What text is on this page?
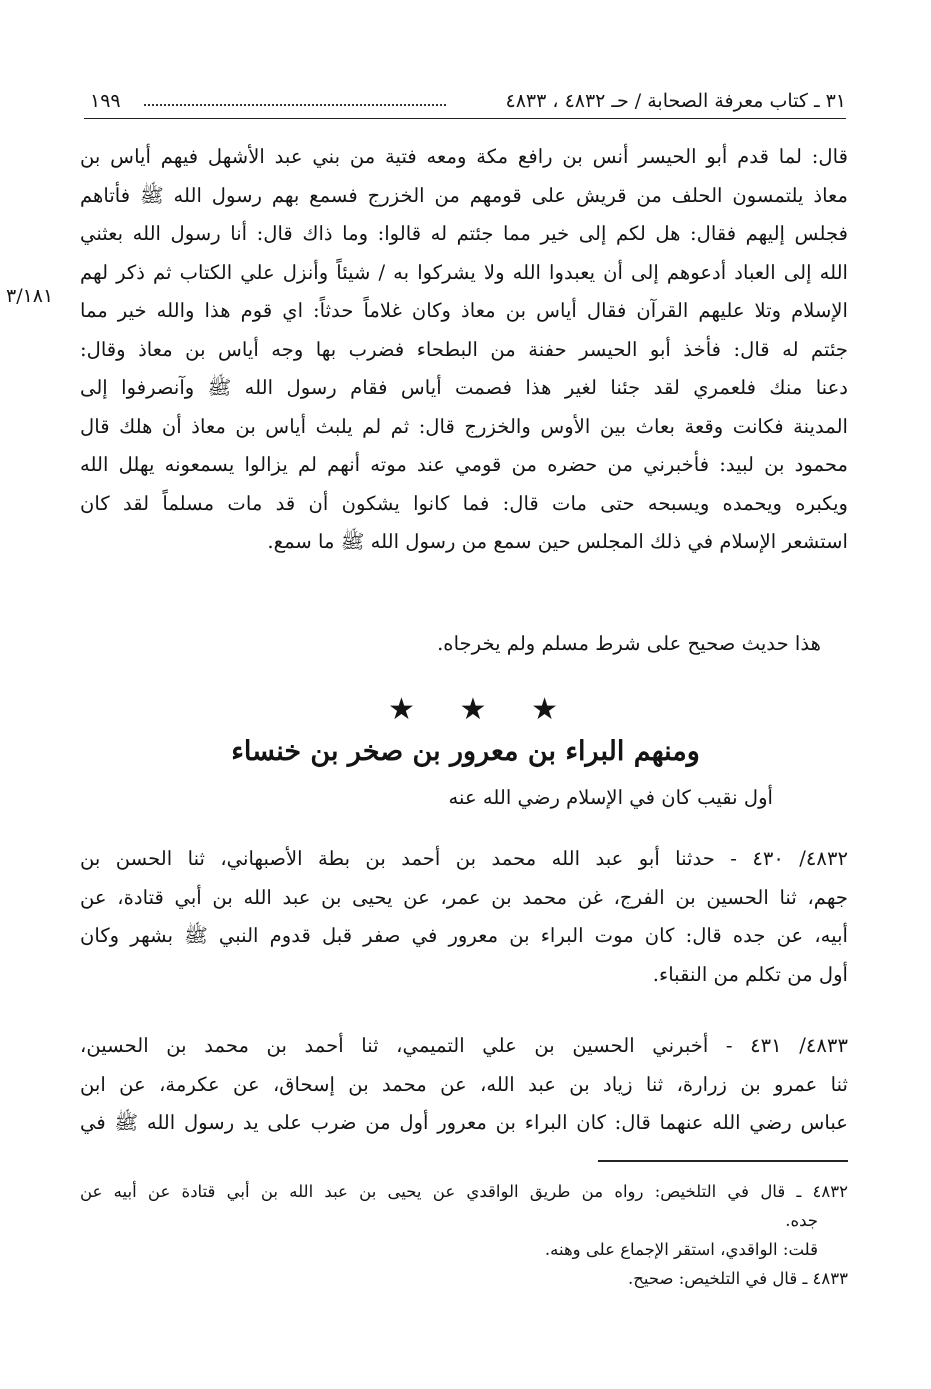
٣١ ـ كتاب معرفة الصحابة / حـ ٤٨٣٢ ، ٤٨٣٣
١٩٩
٣/١٨١
قال: لما قدم أبو الحيسر أنس بن رافع مكة ومعه فتية من بني عبد الأشهل فيهم أياس بن
معاذ يلتمسون الحلف من قريش على قومهم من الخزرج فسمع بهم رسول الله ﷺ فأتاهم
فجلس إليهم فقال: هل لكم إلى خير مما جئتم له قالوا: وما ذاك قال: أنا رسول الله بعثني
الله إلى العباد أدعوهم إلى أن يعبدوا الله ولا يشركوا به / شيئاً وأنزل علي الكتاب ثم ذكر لهم
الإسلام وتلا عليهم القرآن فقال أياس بن معاذ وكان غلاماً حدثاً: اي قوم هذا والله خير مما
جئتم له قال: فأخذ أبو الحيسر حفنة من البطحاء فضرب بها وجه أياس بن معاذ وقال:
دعنا منك فلعمري لقد جئنا لغير هذا فصمت أياس فقام رسول الله ﷺ وآنصرفوا إلى
المدينة فكانت وقعة بعاث بين الأوس والخزرج قال: ثم لم يلبث أياس بن معاذ أن هلك قال
محمود بن لبيد: فأخبرني من حضره من قومي عند موته أنهم لم يزالوا يسمعونه يهلل الله
ويكبره ويحمده ويسبحه حتى مات قال: فما كانوا يشكون أن قد مات مسلماً لقد كان
استشعر الإسلام في ذلك المجلس حين سمع من رسول الله ﷺ ما سمع.
هذا حديث صحيح على شرط مسلم ولم يخرجاه.
★ ★ ★
ومنهم البراء بن معرور بن صخر بن خنساء
أول نقيب كان في الإسلام رضي الله عنه
٤٨٣٢/ ٤٣٠ - حدثنا أبو عبد الله محمد بن أحمد بن بطة الأصبهاني، ثنا الحسن بن
جهم، ثنا الحسين بن الفرج، غن محمد بن عمر، عن يحيى بن عبد الله بن أبي قتادة، عن
أبيه، عن جده قال: كان موت البراء بن معرور في صفر قبل قدوم النبي ﷺ بشهر وكان
أول من تكلم من النقباء.
٤٨٣٣/ ٤٣١ - أخبرني الحسين بن علي التميمي، ثنا أحمد بن محمد بن الحسين،
ثنا عمرو بن زرارة، ثنا زياد بن عبد الله، عن محمد بن إسحاق، عن عكرمة، عن ابن
عباس رضي الله عنهما قال: كان البراء بن معرور أول من ضرب على يد رسول الله ﷺ في
٤٨٣٢ ـ قال في التلخيص: رواه من طريق الواقدي عن يحيى بن عبد الله بن أبي قتادة عن أبيه عن
جده.
قلت: الواقدي، استقر الإجماع على وهنه.
٤٨٣٣ ـ قال في التلخيص: صحيح.
